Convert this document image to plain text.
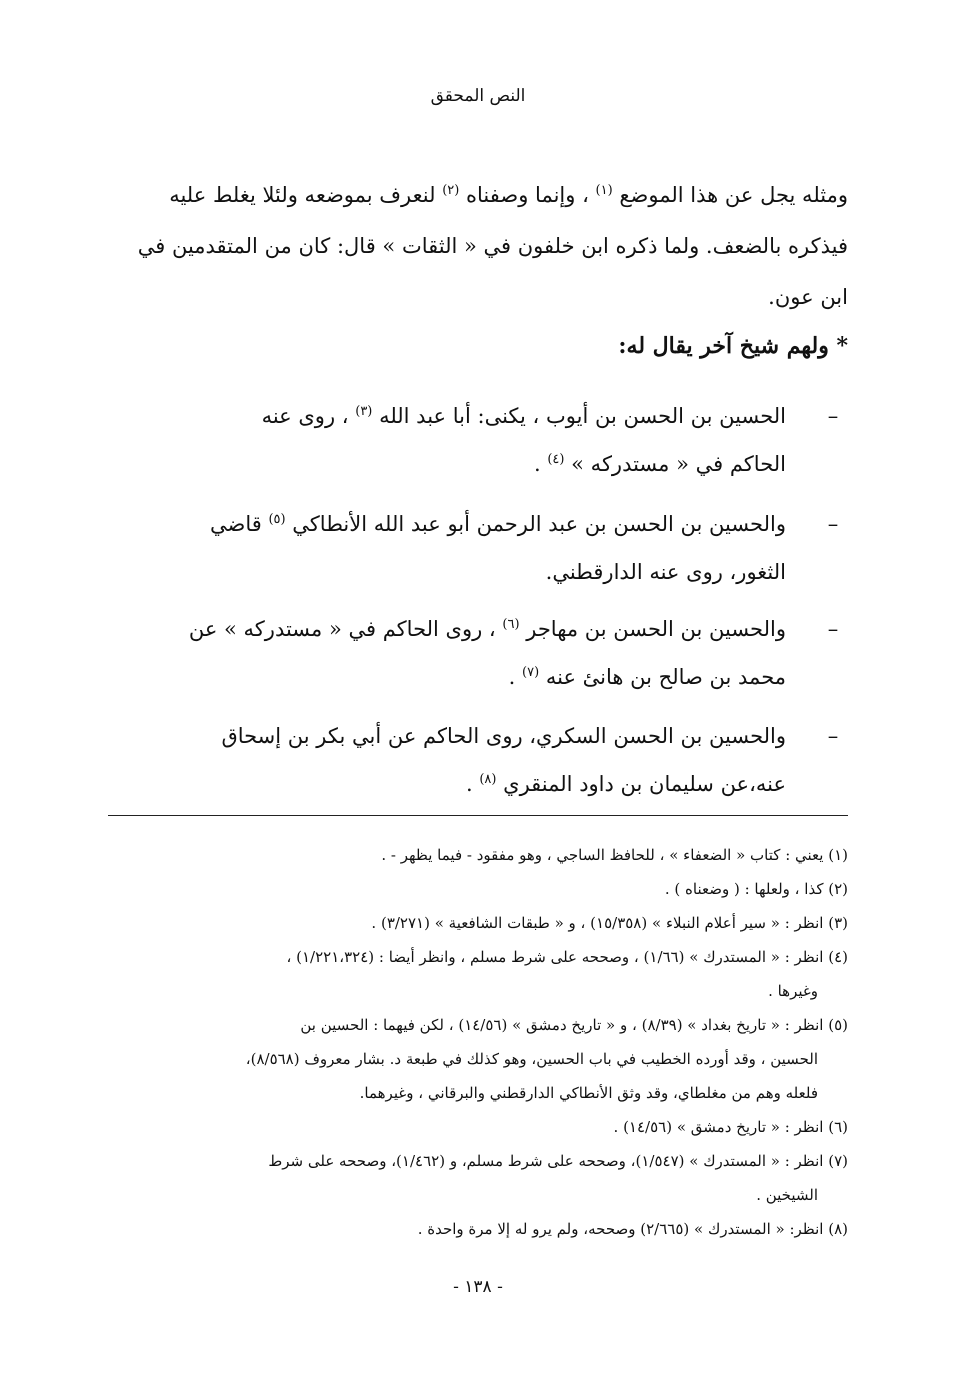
النص المحقق

ومثله يجل عن هذا الموضع $^{(١)}$ ، وإنما وصفناه $^{(٢)}$ لنعرف بموضعه ولئلا يغلط عليه
فيذكره بالضعف. ولما ذكره ابن خلفون في « الثقات » قال: كان من المتقدمين في
ابن عون.

* ولهم شيخ آخر يقال له:
–
الحسين بن الحسن بن أيوب ، يكنى: أبا عبد الله $^{(٣)}$ ، روى عنه
الحاكم في « مستدركه » $^{(٤)}$ .
–
والحسين بن الحسن بن عبد الرحمن أبو عبد الله الأنطاكي $^{(٥)}$ قاضي
الثغور، روى عنه الدارقطني.
–
والحسين بن الحسن بن مهاجر $^{(٦)}$ ، روى الحاكم في « مستدركه » عن
محمد بن صالح بن هانئ عنه $^{(٧)}$ .
–
والحسين بن الحسن السكري، روى الحاكم عن أبي بكر بن إسحاق
عنه،عن سليمان بن داود المنقري $^{(٨)}$ .

(١) يعني : كتاب « الضعفاء » ، للحافظ الساجي ، وهو مفقود - فيما يظهر - .

(٢) كذا ، ولعلها : ( وضعناه ) .

(٣) انظر : « سير أعلام النبلاء » (١٥/٣٥٨) ، و « طبقات الشافعية » (٣/٢٧١) .

(٤) انظر : « المستدرك » (١/٦٦) ، وصححه على شرط مسلم ، وانظر أيضا : (١/٢٢١،٣٢٤) ،
وغيرها .

(٥) انظر : « تاريخ بغداد » (٨/٣٩) ، و « تاريخ دمشق » (١٤/٥٦) ، لكن فيهما : الحسين بن
الحسين ، وقد أورده الخطيب في باب الحسين، وهو كذلك في طبعة د. بشار معروف (٨/٥٦٨)،
فلعله وهم من مغلطاي، وقد وثق الأنطاكي الدارقطني والبرقاني ، وغيرهما.

(٦) انظر : « تاريخ دمشق » (١٤/٥٦) .

(٧) انظر : « المستدرك » (١/٥٤٧)، وصححه على شرط مسلم، و (١/٤٦٢)، وصححه على شرط
الشيخين .

(٨) انظر: « المستدرك » (٢/٦٦٥) وصححه، ولم يرو له إلا مرة واحدة .

- ١٣٨ -
